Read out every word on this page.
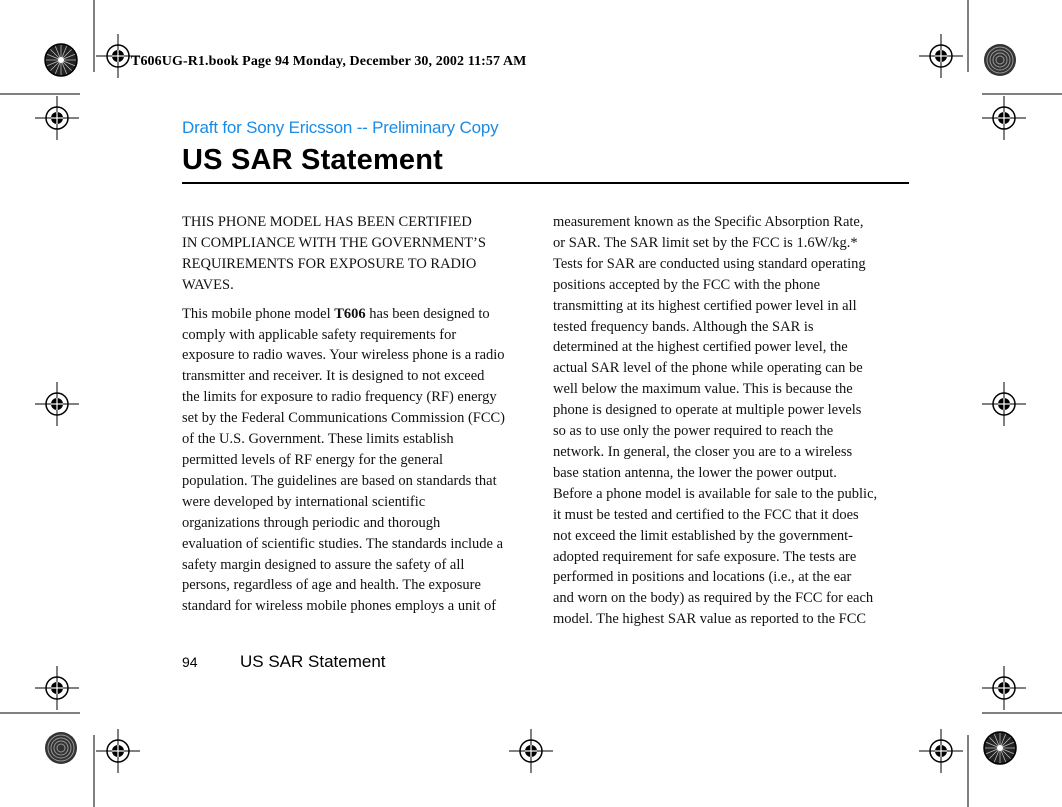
T606UG-R1.book Page 94 Monday, December 30, 2002 11:57 AM
Draft for Sony Ericsson -- Preliminary Copy
US SAR Statement
THIS PHONE MODEL HAS BEEN CERTIFIED
IN COMPLIANCE WITH THE GOVERNMENT’S
REQUIREMENTS FOR EXPOSURE TO RADIO
WAVES.
This mobile phone model T606 has been designed to
comply with applicable safety requirements for
exposure to radio waves. Your wireless phone is a radio
transmitter and receiver. It is designed to not exceed
the limits for exposure to radio frequency (RF) energy
set by the Federal Communications Commission (FCC)
of the U.S. Government. These limits establish
permitted levels of RF energy for the general
population. The guidelines are based on standards that
were developed by international scientific
organizations through periodic and thorough
evaluation of scientific studies. The standards include a
safety margin designed to assure the safety of all
persons, regardless of age and health. The exposure
standard for wireless mobile phones employs a unit of
measurement known as the Specific Absorption Rate,
or SAR. The SAR limit set by the FCC is 1.6W/kg.*
Tests for SAR are conducted using standard operating
positions accepted by the FCC with the phone
transmitting at its highest certified power level in all
tested frequency bands. Although the SAR is
determined at the highest certified power level, the
actual SAR level of the phone while operating can be
well below the maximum value. This is because the
phone is designed to operate at multiple power levels
so as to use only the power required to reach the
network. In general, the closer you are to a wireless
base station antenna, the lower the power output.
Before a phone model is available for sale to the public,
it must be tested and certified to the FCC that it does
not exceed the limit established by the government-
adopted requirement for safe exposure. The tests are
performed in positions and locations (i.e., at the ear
and worn on the body) as required by the FCC for each
model. The highest SAR value as reported to the FCC
94 US SAR Statement
